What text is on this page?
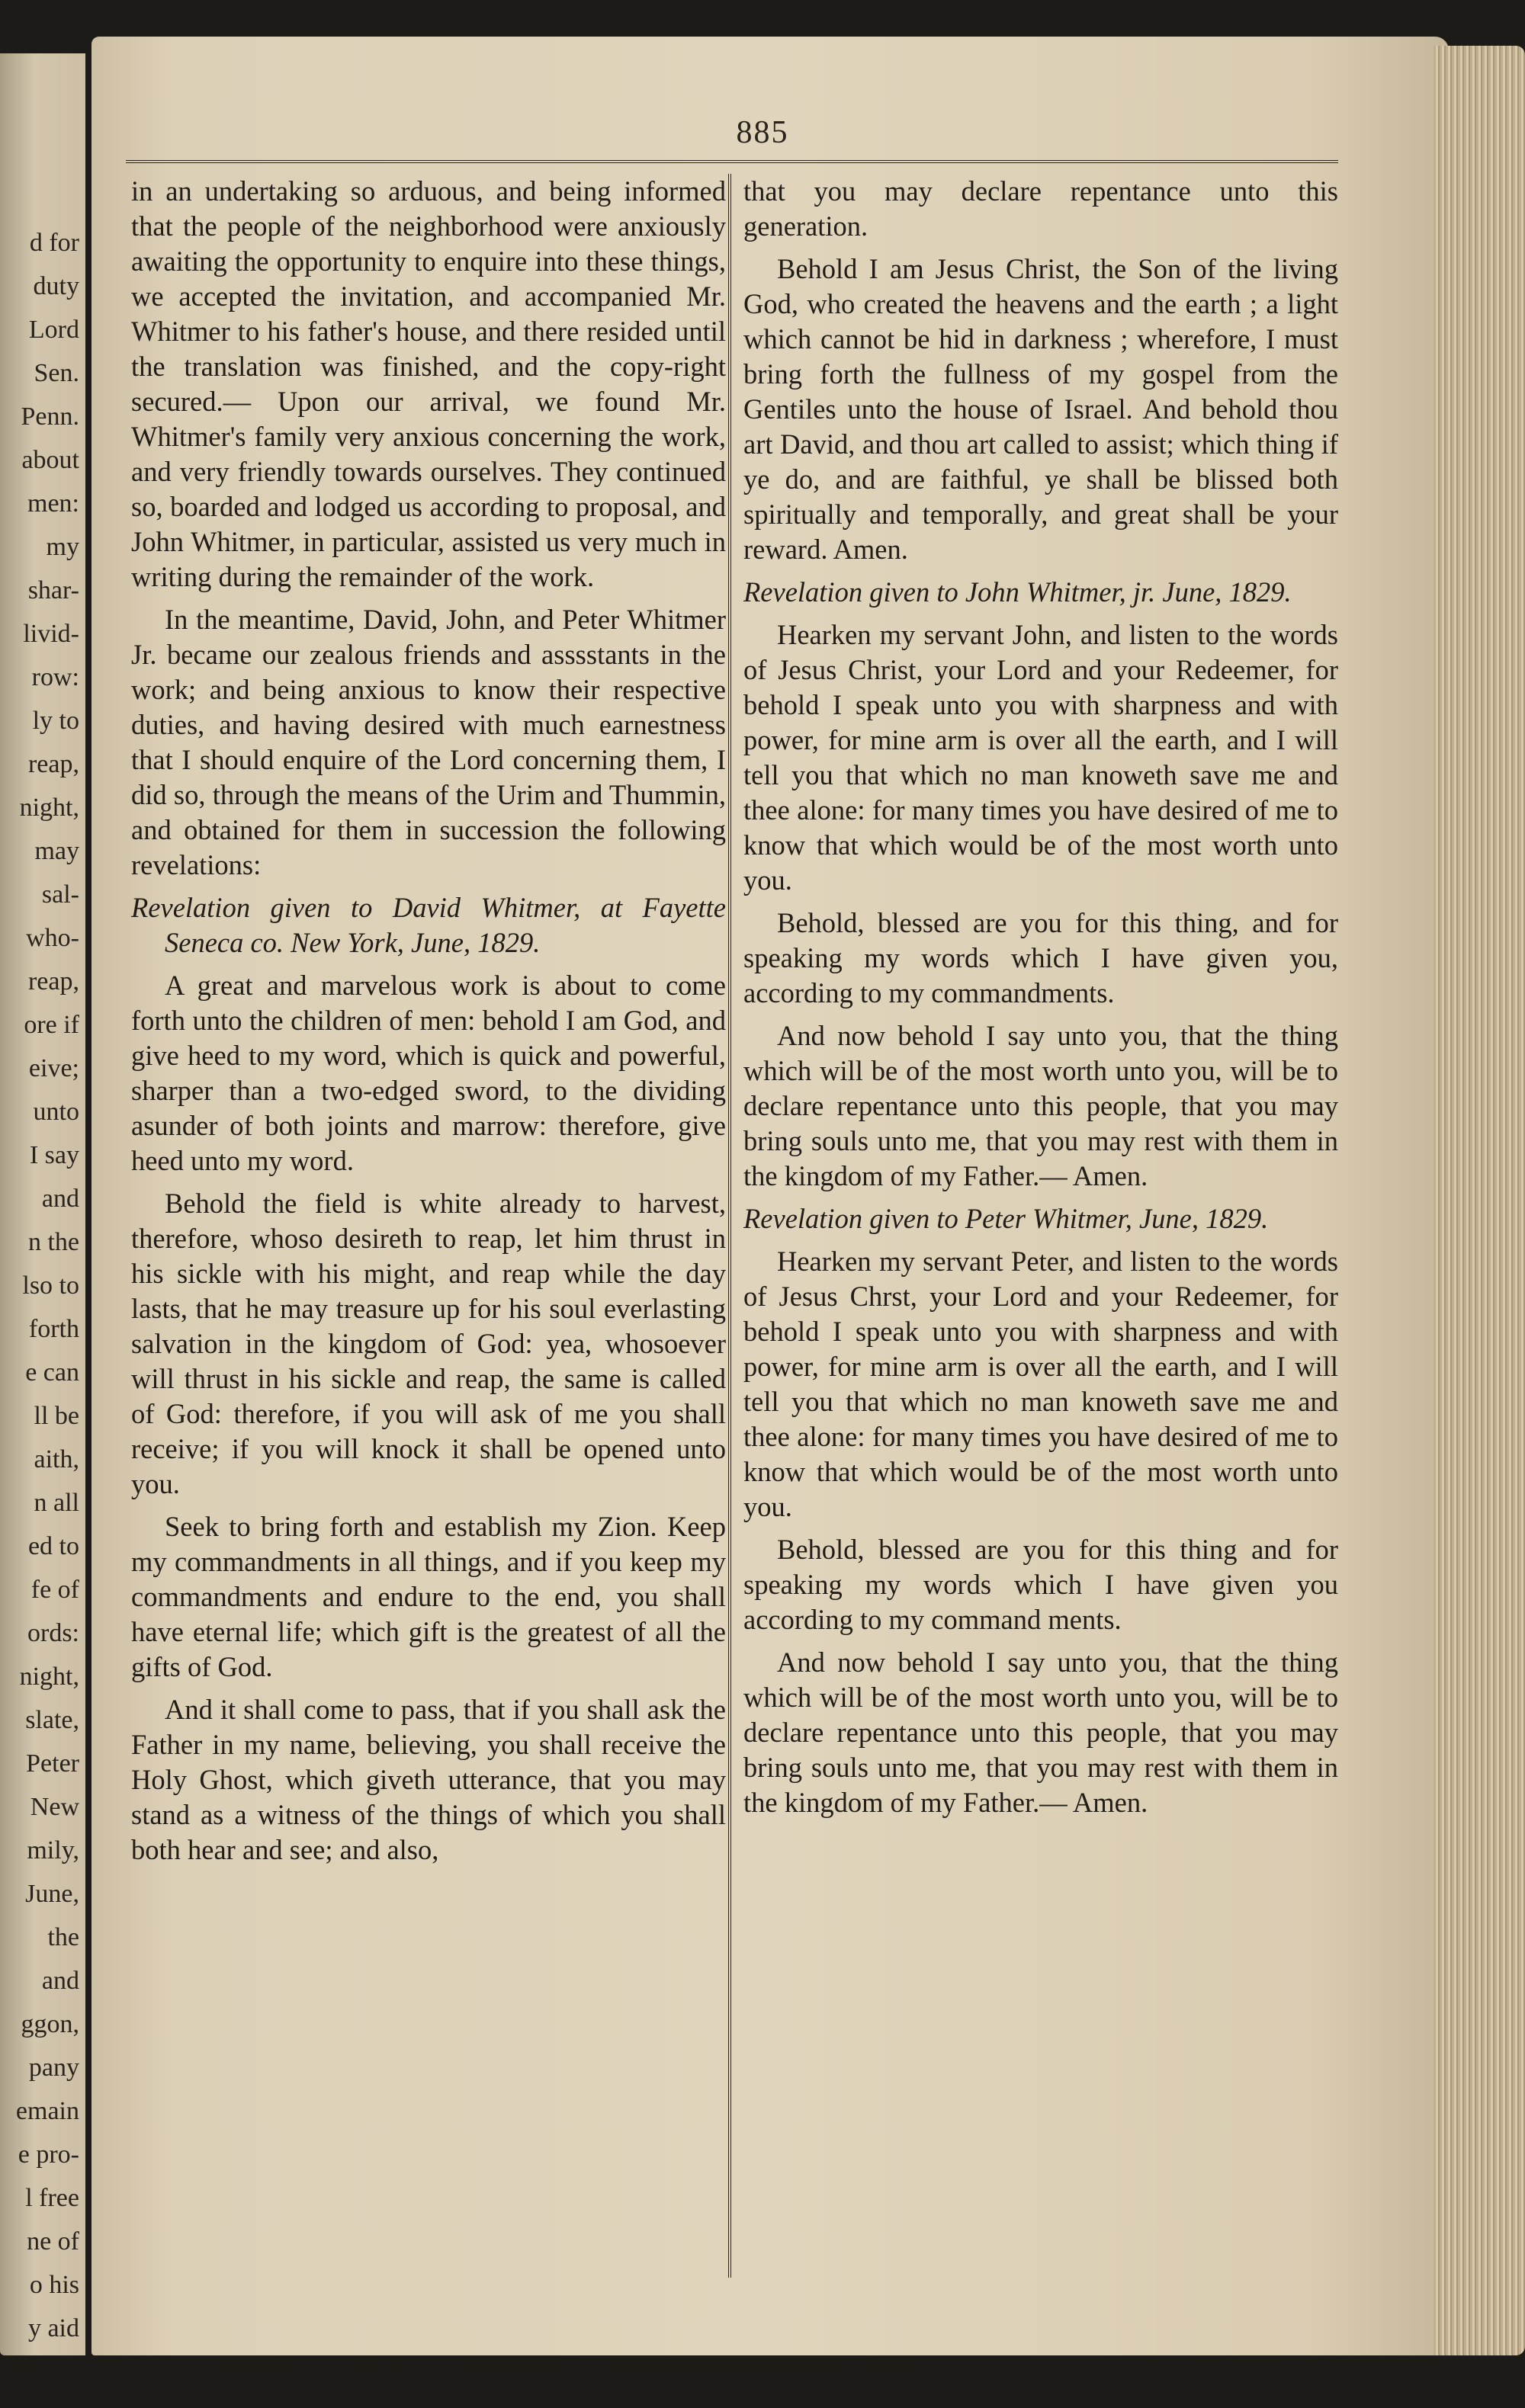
d for
duty
Lord
Sen.
Penn.
about
men:
my
shar-
livid-
row:
ly to
reap,
night,
may
sal-
who-
reap,
ore if
eive;
unto
I say
and
n the
lso to
forth
e can
ll be
aith,
n all
ed to
fe of
ords:
night,
slate,
Peter
New
mily,
June,
the
and
ggon,
pany
emain
e pro-
l free
ne of
o his
y aid
885

in an undertaking so arduous, and being informed that the people of the neighborhood were anxiously awaiting the opportunity to enquire into these things, we accepted the invitation, and accompanied Mr. Whitmer to his father's house, and there resided until the translation was finished, and the copy-right secured.— Upon our arrival, we found Mr. Whitmer's family very anxious concerning the work, and very friendly towards ourselves. They continued so, boarded and lodged us according to proposal, and John Whitmer, in particular, assisted us very much in writing during the remainder of the work.

In the meantime, David, John, and Peter Whitmer Jr. became our zealous friends and asssstants in the work; and being anxious to know their respective duties, and having desired with much earnestness that I should enquire of the Lord concerning them, I did so, through the means of the Urim and Thummin, and obtained for them in succession the following revelations:

Revelation given to David Whitmer, at Fayette Seneca co. New York, June, 1829.

A great and marvelous work is about to come forth unto the children of men: behold I am God, and give heed to my word, which is quick and powerful, sharper than a two-edged sword, to the dividing asunder of both joints and marrow: therefore, give heed unto my word.

Behold the field is white already to harvest, therefore, whoso desireth to reap, let him thrust in his sickle with his might, and reap while the day lasts, that he may treasure up for his soul everlasting salvation in the kingdom of God: yea, whosoever will thrust in his sickle and reap, the same is called of God: therefore, if you will ask of me you shall receive; if you will knock it shall be opened unto you.

Seek to bring forth and establish my Zion. Keep my commandments in all things, and if you keep my commandments and endure to the end, you shall have eternal life; which gift is the greatest of all the gifts of God.

And it shall come to pass, that if you shall ask the Father in my name, believing, you shall receive the Holy Ghost, which giveth utterance, that you may stand as a witness of the things of which you shall both hear and see; and also,

that you may declare repentance unto this generation.

Behold I am Jesus Christ, the Son of the living God, who created the heavens and the earth ; a light which cannot be hid in darkness ; wherefore, I must bring forth the fullness of my gospel from the Gentiles unto the house of Israel. And behold thou art David, and thou art called to assist; which thing if ye do, and are faithful, ye shall be blissed both spiritually and temporally, and great shall be your reward. Amen.

Revelation given to John Whitmer, jr. June, 1829.

Hearken my servant John, and listen to the words of Jesus Christ, your Lord and your Redeemer, for behold I speak unto you with sharpness and with power, for mine arm is over all the earth, and I will tell you that which no man knoweth save me and thee alone: for many times you have desired of me to know that which would be of the most worth unto you.

Behold, blessed are you for this thing, and for speaking my words which I have given you, according to my commandments.

And now behold I say unto you, that the thing which will be of the most worth unto you, will be to declare repentance unto this people, that you may bring souls unto me, that you may rest with them in the kingdom of my Father.— Amen.

Revelation given to Peter Whitmer, June, 1829.

Hearken my servant Peter, and listen to the words of Jesus Chrst, your Lord and your Redeemer, for behold I speak unto you with sharpness and with power, for mine arm is over all the earth, and I will tell you that which no man knoweth save me and thee alone: for many times you have desired of me to know that which would be of the most worth unto you.

Behold, blessed are you for this thing and for speaking my words which I have given you according to my command ments.

And now behold I say unto you, that the thing which will be of the most worth unto you, will be to declare repentance unto this people, that you may bring souls unto me, that you may rest with them in the kingdom of my Father.— Amen.
